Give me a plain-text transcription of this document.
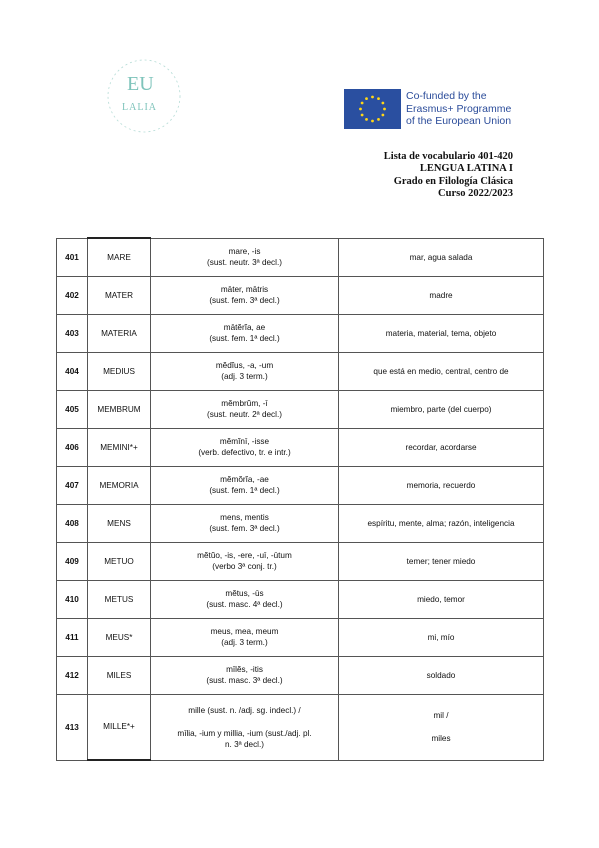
EU
LALIA
Co-funded by the
Erasmus+ Programme
of the European Union
Lista de vocabulario 401-420
LENGUA LATINA I
Grado en Filología Clásica
Curso 2022/2023
401	MARE	mare, -is
(sust. neutr. 3ª decl.)	mar, agua salada

402	MATER	māter, mātris
(sust. fem. 3ª decl.)	madre

403	MATERIA	mātĕrĭa, ae
(sust. fem. 1ª decl.)	materia, material, tema, objeto

404	MEDIUS	mĕdĭus, -a, -um
(adj. 3 term.)	que está en medio, central, centro de

405	MEMBRUM	mĕmbrŭm, -ī
(sust. neutr. 2ª decl.)	miembro, parte (del cuerpo)

406	MEMINI*+	mĕmĭnī, -isse
(verb. defectivo, tr. e intr.)	recordar, acordarse

407	MEMORIA	mĕmŏrĭa, -ae
(sust. fem. 1ª decl.)	memoria, recuerdo

408	MENS	mens, mentis
(sust. fem. 3ª decl.)	espíritu, mente, alma; razón, inteligencia

409	METUO	mĕtŭo, -is, -ere, -uī, -ūtum
(verbo 3ª conj. tr.)	temer; tener miedo

410	METUS	mĕtus, -ūs
(sust. masc. 4ª decl.)	miedo, temor

411	MEUS*	meus, mea, meum
(adj. 3 term.)	mi, mío

412	MILES	mīlĕs, -itis
(sust. masc. 3ª decl.)	soldado

413	MILLE*+	mille (sust. n. /adj. sg. indecl.) /
mīlia, -ium y millia, -ium (sust./adj. pl.
n. 3ª decl.)	mil /
miles
